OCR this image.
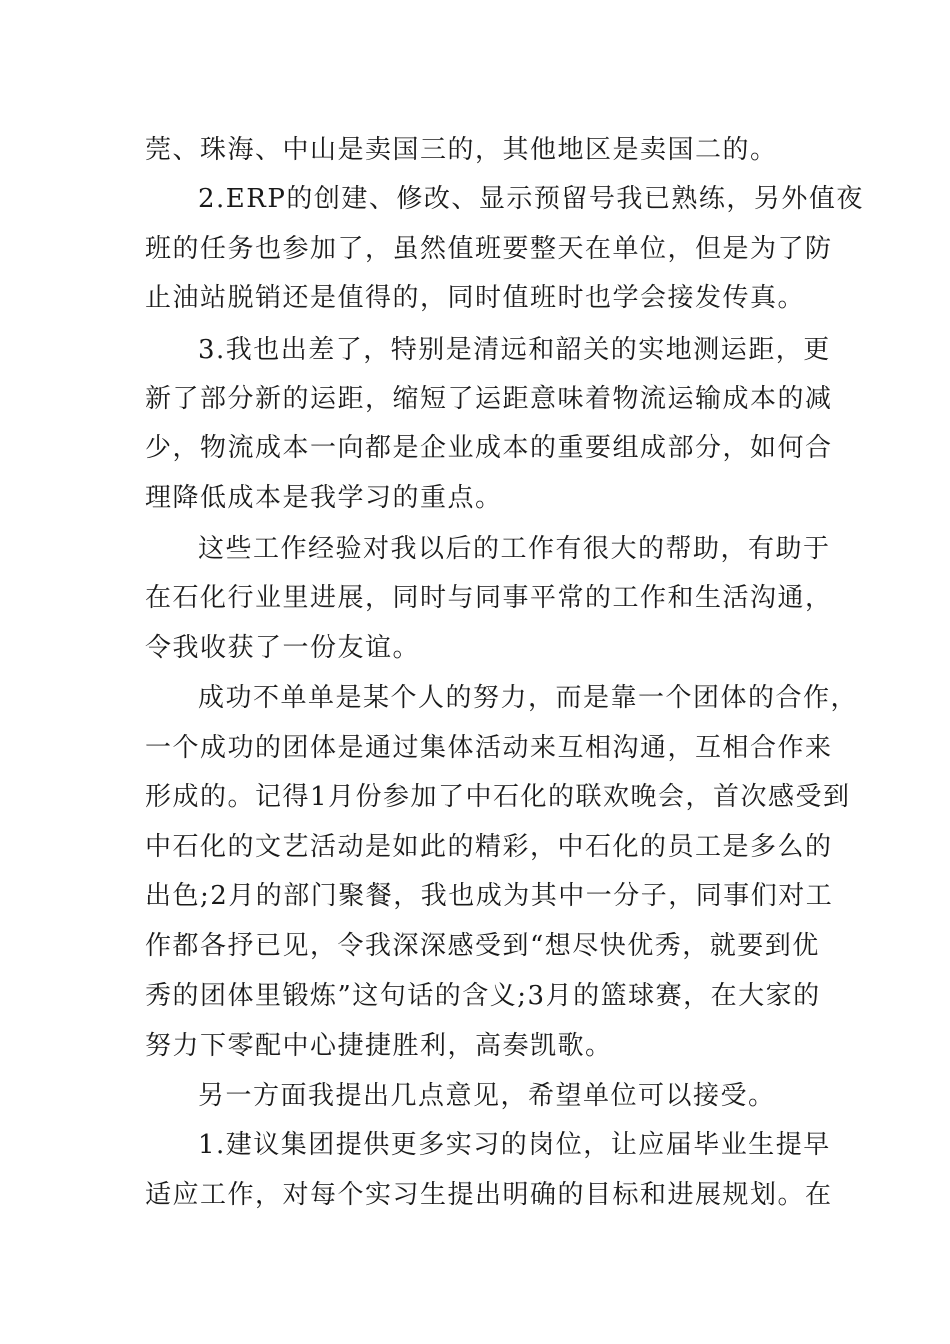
莞、珠海、中山是卖国三的，其他地区是卖国二的。
2.ERP的创建、修改、显示预留号我已熟练，另外值夜
班的任务也参加了，虽然值班要整天在单位，但是为了防
止油站脱销还是值得的，同时值班时也学会接发传真。
3.我也出差了，特别是清远和韶关的实地测运距，更
新了部分新的运距，缩短了运距意味着物流运输成本的减
少，物流成本一向都是企业成本的重要组成部分，如何合
理降低成本是我学习的重点。
这些工作经验对我以后的工作有很大的帮助，有助于
在石化行业里进展，同时与同事平常的工作和生活沟通，
令我收获了一份友谊。
成功不单单是某个人的努力，而是靠一个团体的合作，
一个成功的团体是通过集体活动来互相沟通，互相合作来
形成的。记得1月份参加了中石化的联欢晚会，首次感受到
中石化的文艺活动是如此的精彩，中石化的员工是多么的
出色;2月的部门聚餐，我也成为其中一分子，同事们对工
作都各抒已见，令我深深感受到“想尽快优秀，就要到优
秀的团体里锻炼”这句话的含义;3月的篮球赛，在大家的
努力下零配中心捷捷胜利，高奏凯歌。
另一方面我提出几点意见，希望单位可以接受。
1.建议集团提供更多实习的岗位，让应届毕业生提早
适应工作，对每个实习生提出明确的目标和进展规划。在
